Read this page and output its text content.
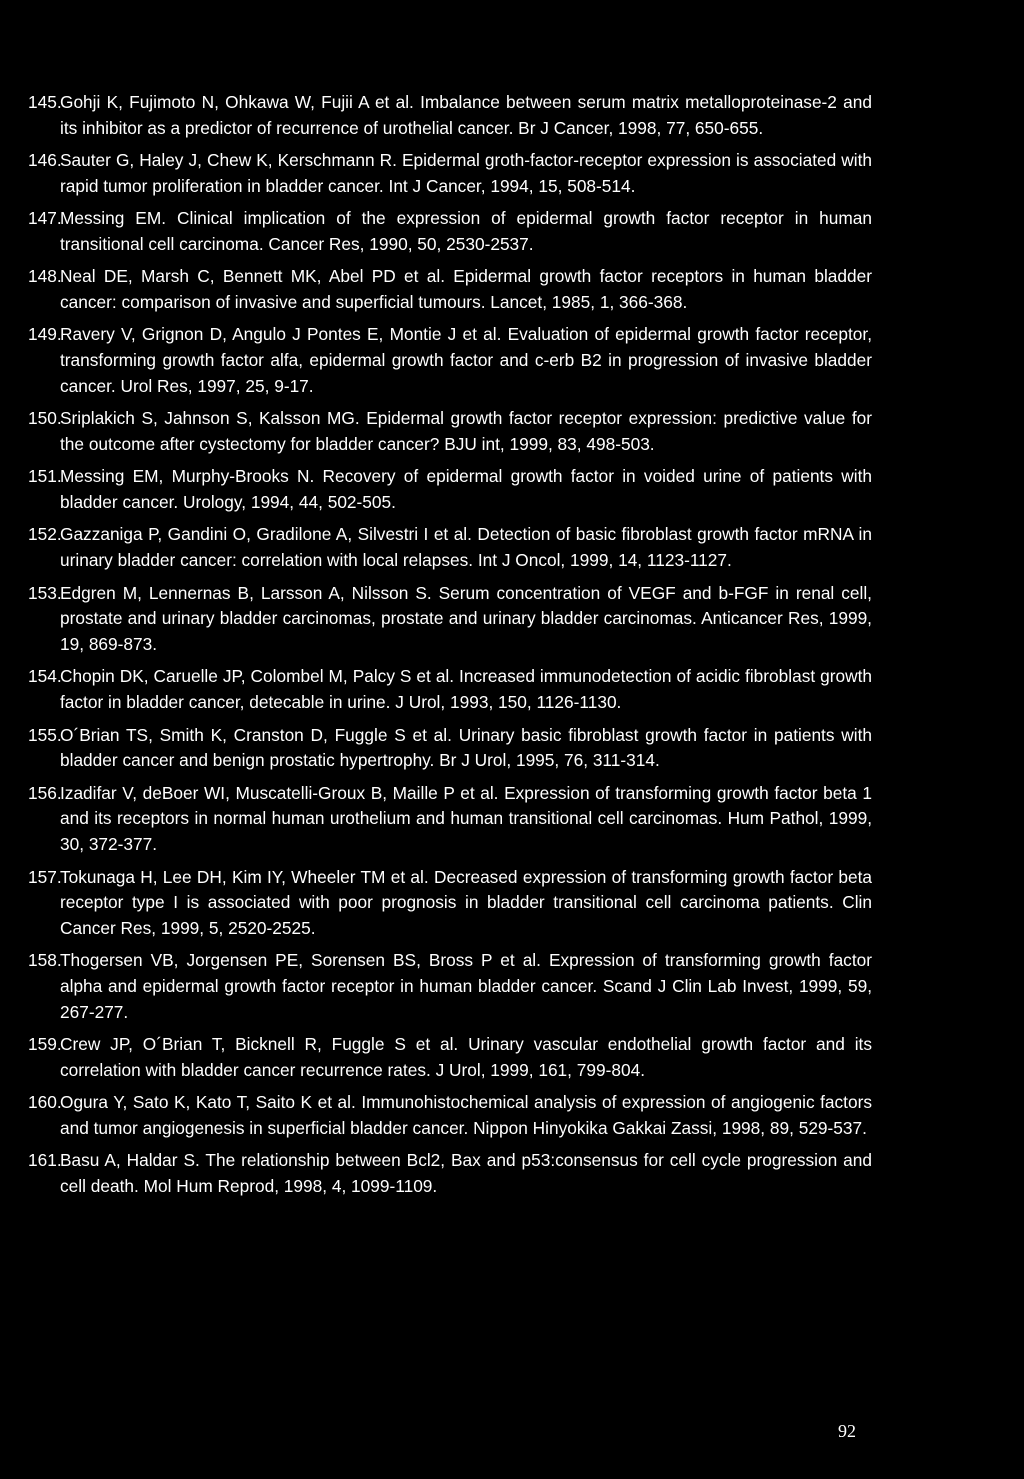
145.
Gohji K, Fujimoto N, Ohkawa W, Fujii A et al. Imbalance between serum matrix metalloproteinase-2 and its inhibitor as a predictor of recurrence of urothelial cancer. Br J Cancer, 1998, 77, 650-655.
146.
Sauter G, Haley J, Chew K, Kerschmann R. Epidermal groth-factor-receptor expression is associated with rapid tumor proliferation in bladder cancer. Int J Cancer, 1994, 15, 508-514.
147.
Messing EM. Clinical implication of the expression of epidermal growth factor receptor in human transitional cell carcinoma. Cancer Res, 1990, 50, 2530-2537.
148.
Neal DE, Marsh C, Bennett MK, Abel PD et al. Epidermal growth factor receptors in human bladder cancer: comparison of invasive and superficial tumours. Lancet, 1985, 1, 366-368.
149.
Ravery V, Grignon D, Angulo J Pontes E, Montie J et al. Evaluation of epidermal growth factor receptor, transforming growth factor alfa, epidermal growth factor and c-erb B2 in progression of invasive bladder cancer. Urol Res, 1997, 25, 9-17.
150.
Sriplakich S, Jahnson S, Kalsson MG. Epidermal growth factor receptor expression: predictive value for the outcome after cystectomy for bladder cancer? BJU int, 1999, 83, 498-503.
151.
Messing EM, Murphy-Brooks N. Recovery of epidermal growth factor in voided urine of patients with bladder cancer. Urology, 1994, 44, 502-505.
152.
Gazzaniga P, Gandini O, Gradilone A, Silvestri I et al. Detection of basic fibroblast growth factor mRNA in urinary bladder cancer: correlation with local relapses. Int J Oncol, 1999, 14, 1123-1127.
153.
Edgren M, Lennernas B, Larsson A, Nilsson S. Serum concentration of VEGF and b-FGF in renal cell, prostate and urinary bladder carcinomas, prostate and urinary bladder carcinomas. Anticancer Res, 1999, 19, 869-873.
154.
Chopin DK, Caruelle JP, Colombel M, Palcy S et al. Increased immunodetection of acidic fibroblast growth factor in bladder cancer, detecable in urine. J Urol, 1993, 150, 1126-1130.
155.
O´Brian TS, Smith K, Cranston D, Fuggle S et al. Urinary basic fibroblast growth factor in patients with bladder cancer and benign prostatic hypertrophy. Br J Urol, 1995, 76, 311-314.
156.
Izadifar V, deBoer WI, Muscatelli-Groux B, Maille P et al. Expression of transforming growth factor beta 1 and its receptors in normal human urothelium and human transitional cell carcinomas. Hum Pathol, 1999, 30, 372-377.
157.
Tokunaga H, Lee DH, Kim IY, Wheeler TM et al. Decreased expression of transforming growth factor beta receptor type I is associated with poor prognosis in bladder transitional cell carcinoma patients. Clin Cancer Res, 1999, 5, 2520-2525.
158.
Thogersen VB, Jorgensen PE, Sorensen BS, Bross P et al. Expression of transforming growth factor alpha and epidermal growth factor receptor in human bladder cancer. Scand J Clin Lab Invest, 1999, 59, 267-277.
159.
Crew JP, O´Brian T, Bicknell R, Fuggle S et al. Urinary vascular endothelial growth factor and its correlation with bladder cancer recurrence rates. J Urol, 1999, 161, 799-804.
160.
Ogura Y, Sato K, Kato T, Saito K et al. Immunohistochemical analysis of expression of angiogenic factors and tumor angiogenesis in superficial bladder cancer. Nippon Hinyokika Gakkai Zassi, 1998, 89, 529-537.
161.
Basu A, Haldar S. The relationship between Bcl2, Bax and p53:consensus for cell cycle progression and cell death. Mol Hum Reprod, 1998, 4, 1099-1109.
92
